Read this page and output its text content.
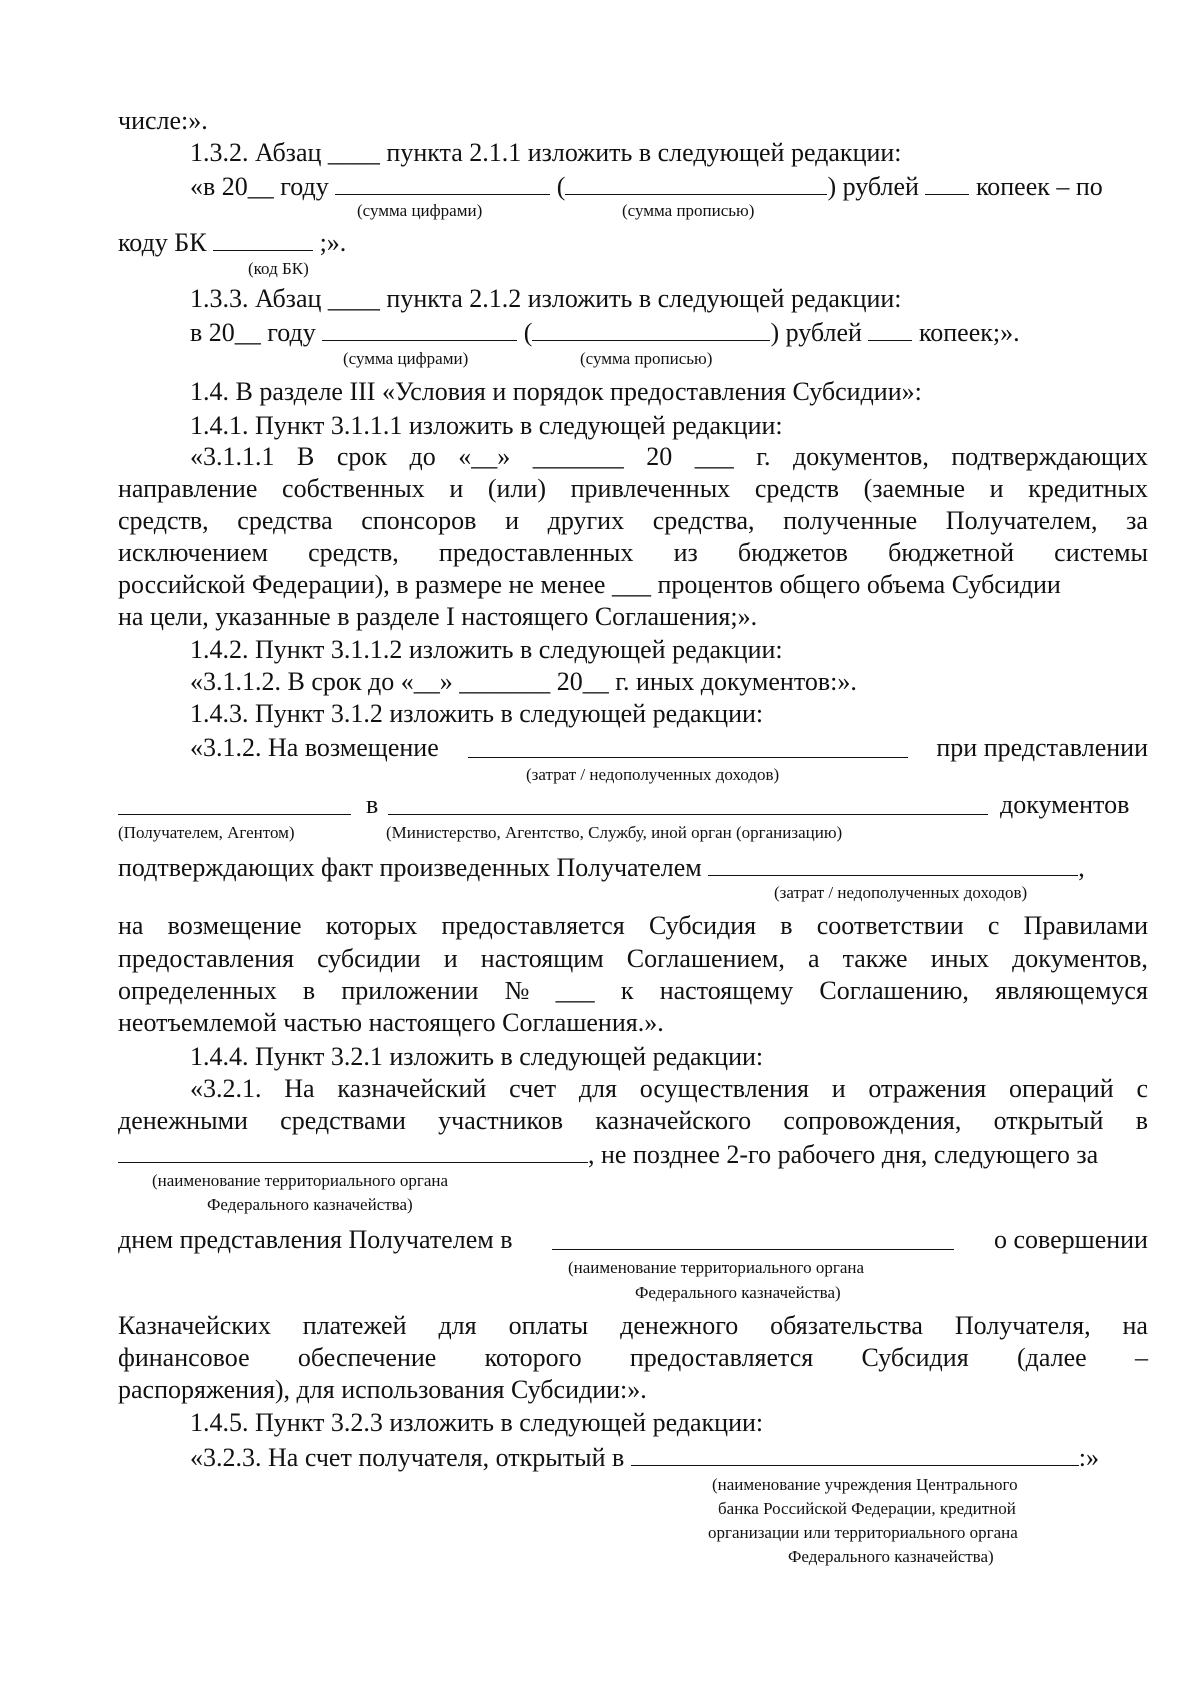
числе:».
1.3.2. Абзац ____ пункта 2.1.1 изложить в следующей редакции:
«в 20__ году	(	) рублей копеек – по
(сумма цифрами)	(сумма прописью)
коду БК	;».
(код БК)
1.3.3. Абзац ____ пункта 2.1.2 изложить в следующей редакции:
в 20__ году	(	) рублей копеек;».
(сумма цифрами)	(сумма прописью)
1.4. В разделе III «Условия и порядок предоставления Субсидии»:
1.4.1. Пункт 3.1.1.1 изложить в следующей редакции:
«3.1.1.1 В срок до «__» _______ 20 ___ г. документов, подтверждающих
направление собственных и (или) привлеченных средств (заемные и кредитных
средств, средства спонсоров и других средства, полученные Получателем, за
исключением средств, предоставленных из бюджетов бюджетной системы
российской Федерации), в размере не менее ___ процентов общего объема Субсидии
на цели, указанные в разделе I настоящего Соглашения;».
1.4.2. Пункт 3.1.1.2 изложить в следующей редакции:
«3.1.1.2. В срок до «__» _______ 20__ г. иных документов:».
1.4.3. Пункт 3.1.2 изложить в следующей редакции:
«3.1.2. На возмещение	при представлении
(затрат / недополученных доходов)
в	документов
(Получателем, Агентом)	(Министерство, Агентство, Службу, иной орган (организацию)
подтверждающих факт произведенных Получателем	,
(затрат / недополученных доходов)
на возмещение которых предоставляется Субсидия в соответствии с Правилами
предоставления субсидии и настоящим Соглашением, а также иных документов,
определенных в приложении № ___ к настоящему Соглашению, являющемуся
неотъемлемой частью настоящего Соглашения.».
1.4.4. Пункт 3.2.1 изложить в следующей редакции:
«3.2.1. На казначейский счет для осуществления и отражения операций с
денежными средствами участников казначейского сопровождения, открытый в
, не позднее 2-го рабочего дня, следующего за
(наименование территориального органа
Федерального казначейства)
днем представления Получателем в	о совершении
(наименование территориального органа
Федерального казначейства)
Казначейских платежей для оплаты денежного обязательства Получателя, на
финансовое обеспечение которого предоставляется Субсидия (далее –
распоряжения), для использования Субсидии:».
1.4.5. Пункт 3.2.3 изложить в следующей редакции:
«3.2.3. На счет получателя, открытый в	:»
(наименование учреждения Центрального
банка Российской Федерации, кредитной
организации или территориального органа
Федерального казначейства)
